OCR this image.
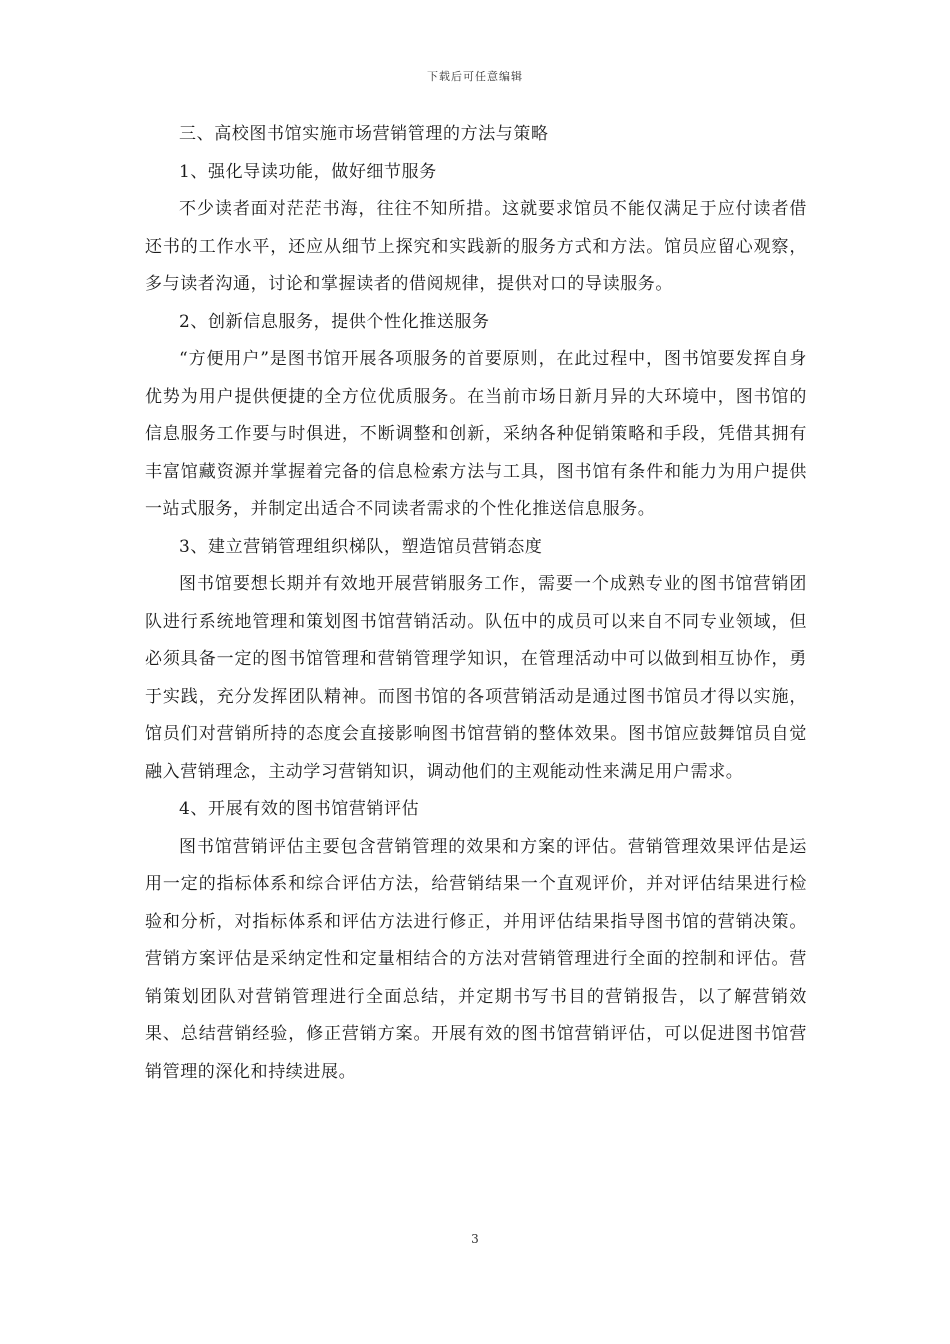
下载后可任意编辑

三、高校图书馆实施市场营销管理的方法与策略

1、强化导读功能，做好细节服务

不少读者面对茫茫书海，往往不知所措。这就要求馆员不能仅满足于应付读者借还书的工作水平，还应从细节上探究和实践新的服务方式和方法。馆员应留心观察，多与读者沟通，讨论和掌握读者的借阅规律，提供对口的导读服务。

2、创新信息服务，提供个性化推送服务

“方便用户”是图书馆开展各项服务的首要原则，在此过程中，图书馆要发挥自身优势为用户提供便捷的全方位优质服务。在当前市场日新月异的大环境中，图书馆的信息服务工作要与时俱进，不断调整和创新，采纳各种促销策略和手段，凭借其拥有丰富馆藏资源并掌握着完备的信息检索方法与工具，图书馆有条件和能力为用户提供一站式服务，并制定出适合不同读者需求的个性化推送信息服务。

3、建立营销管理组织梯队，塑造馆员营销态度

图书馆要想长期并有效地开展营销服务工作，需要一个成熟专业的图书馆营销团队进行系统地管理和策划图书馆营销活动。队伍中的成员可以来自不同专业领域，但必须具备一定的图书馆管理和营销管理学知识，在管理活动中可以做到相互协作，勇于实践，充分发挥团队精神。而图书馆的各项营销活动是通过图书馆员才得以实施，馆员们对营销所持的态度会直接影响图书馆营销的整体效果。图书馆应鼓舞馆员自觉融入营销理念，主动学习营销知识，调动他们的主观能动性来满足用户需求。

4、开展有效的图书馆营销评估

图书馆营销评估主要包含营销管理的效果和方案的评估。营销管理效果评估是运用一定的指标体系和综合评估方法，给营销结果一个直观评价，并对评估结果进行检验和分析，对指标体系和评估方法进行修正，并用评估结果指导图书馆的营销决策。营销方案评估是采纳定性和定量相结合的方法对营销管理进行全面的控制和评估。营销策划团队对营销管理进行全面总结，并定期书写书目的营销报告，以了解营销效果、总结营销经验，修正营销方案。开展有效的图书馆营销评估，可以促进图书馆营销管理的深化和持续进展。

3
